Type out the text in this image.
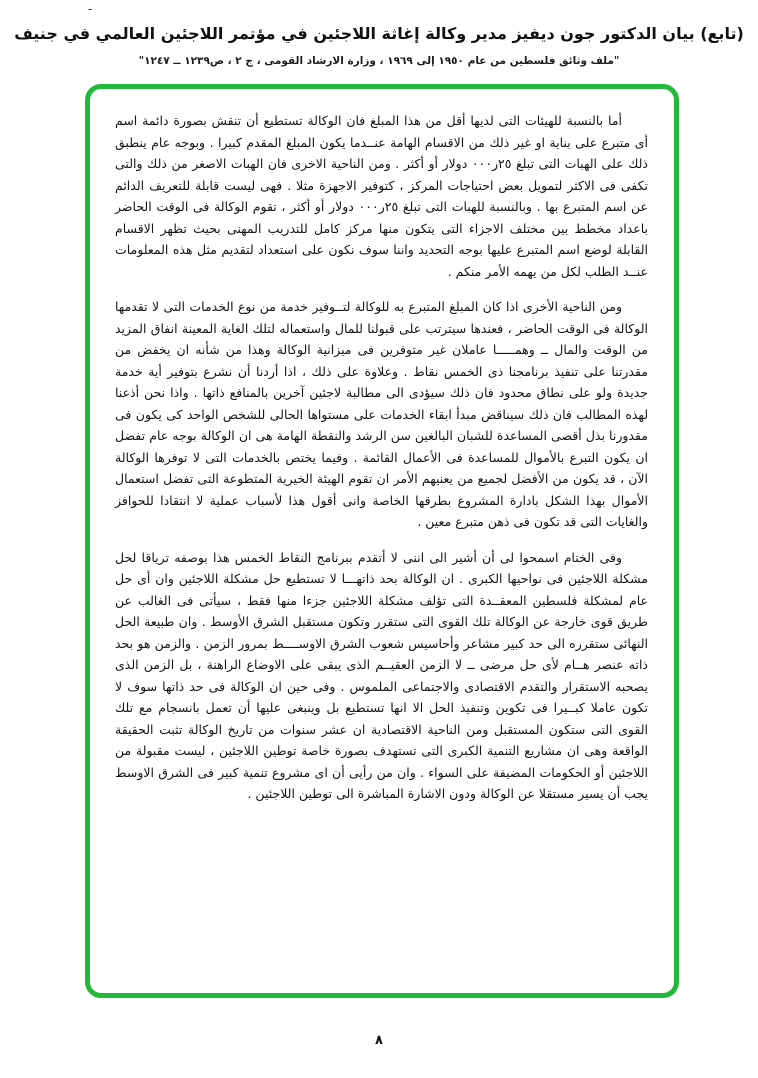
-
(تابع) بيان الدكتور جون ديفيز مدير وكالة إغاثة اللاجئين في مؤتمر اللاجئين العالمي في جنيف
"ملف وثائق فلسطين من عام ١٩٥٠ إلى ١٩٦٩ ، وزارة الارشاد القومى ، ج ٢ ، ص١٢٣٩ ــ ١٢٤٧"

أما بالنسبة للهيئات التى لديها أقل من هذا المبلغ فان الوكالة تستطيع أن تنقش بصورة دائمة اسم أى متبرع على بناية او غير ذلك من الاقسام الهامة عنــدما يكون المبلغ المقدم كبيرا . وبوجه عام ينطبق ذلك على الهبات التى تبلغ ٢٥ر٠٠٠ دولار أو أكثر . ومن الناحية الاخرى فان الهبات الاصغر من ذلك والتى تكفى فى الاكثر لتمويل بعض احتياجات المركز ، كتوفير الاجهزة مثلا . فهى ليست قابلة للتعريف الدائم عن اسم المتبرع بها . وبالنسبة للهبات التى تبلغ ٢٥ر٠٠٠ دولار أو أكثر ، تقوم الوكالة فى الوقت الحاضر باعداد مخطط بين مختلف الاجزاء التى يتكون منها مركز كامل للتدريب المهنى بحيث تظهر الاقسام القابلة لوضع اسم المتبرع عليها بوجه التحديد واننا سوف نكون على استعداد لتقديم مثل هذه المعلومات عنــد الطلب لكل من يهمه الأمر منكم .

ومن الناحية الأخرى اذا كان المبلغ المتبرع به للوكالة لتــوفير خدمة من نوع الخدمات التى لا تقدمها الوكالة فى الوقت الحاضر ، فعندها سيترتب على قبولنا للمال واستعماله لتلك الغاية المعينة انفاق المزيد من الوقت والمال ــ وهمـــــا عاملان غير متوفرين فى ميزانية الوكالة وهذا من شأنه ان يخفض من مقدرتنا على تنفيذ برنامجنا ذى الخمس نقاط . وعلاوة على ذلك ، اذا أردنا أن نشرع بتوفير أية خدمة جديدة ولو على نطاق محدود فان ذلك سيؤدى الى مطالبة لاجئين آخرين بالمنافع ذاتها . واذا نحن أذعنا لهذه المطالب فان ذلك سيناقض مبدأ ابقاء الخدمات على مستواها الحالى للشخص الواحد كى يكون فى مقدورنا بذل أقصى المساعدة للشبان البالغين سن الرشد والنقطة الهامة هى ان الوكالة بوجه عام تفضل ان يكون التبرع بالأموال للمساعدة فى الأعمال القائمة . وفيما يختص بالخدمات التى لا توفرها الوكالة الآن ، قد يكون من الأفضل لجميع من يعنيهم الأمر ان تقوم الهيئة الخيرية المتطوعة التى تفضل استعمال الأموال بهذا الشكل بادارة المشروع بطرقها الخاصة وانى أقول هذا لأسباب عملية لا انتقادا للحوافز والغايات التى قد تكون فى ذهن متبرع معين .

وفى الختام اسمحوا لى أن أشير الى اننى لا أتقدم ببرنامج النقاط الخمس هذا بوصفه ترياقا لحل مشكلة اللاجئين فى نواحيها الكبرى . ان الوكالة بحد ذاتهـــا لا تستطيع حل مشكلة اللاجئين وان أى حل عام لمشكلة فلسطين المعقــدة التى تؤلف مشكلة اللاجئين جزءا منها فقط ، سيأتى فى الغالب عن طريق قوى خارجة عن الوكالة تلك القوى التى ستقرر وتكون مستقبل الشرق الأوسط . وان طبيعة الحل النهائى ستقرره الى حد كبير مشاعر وأحاسيس شعوب الشرق الاوســــط بمرور الزمن . والزمن هو بحد ذاته عنصر هــام لأى حل مرضى ــ لا الزمن العقيــم الذى يبقى على الاوضاع الراهنة ، بل الزمن الذى يصحبه الاستقرار والتقدم الاقتصادى والاجتماعى الملموس . وفى حين ان الوكالة فى حد ذاتها سوف لا تكون عاملا كبــيرا فى تكوين وتنفيذ الحل الا انها تستطيع بل وينبغى عليها أن تعمل بانسجام مع تلك القوى التى ستكون المستقبل ومن الناحية الاقتصادية ان عشر سنوات من تاريخ الوكالة تثبت الحقيقة الواقعة وهى ان مشاريع التنمية الكبرى التى تستهدف بصورة خاصة توطين اللاجئين ، ليست مقبولة من اللاجئين أو الحكومات المضيفة على السواء . وان من رأيى أن اى مشروع تنمية كبير فى الشرق الاوسط يجب أن يسير مستقلا عن الوكالة ودون الاشارة المباشرة الى توطين اللاجئين .

٨
